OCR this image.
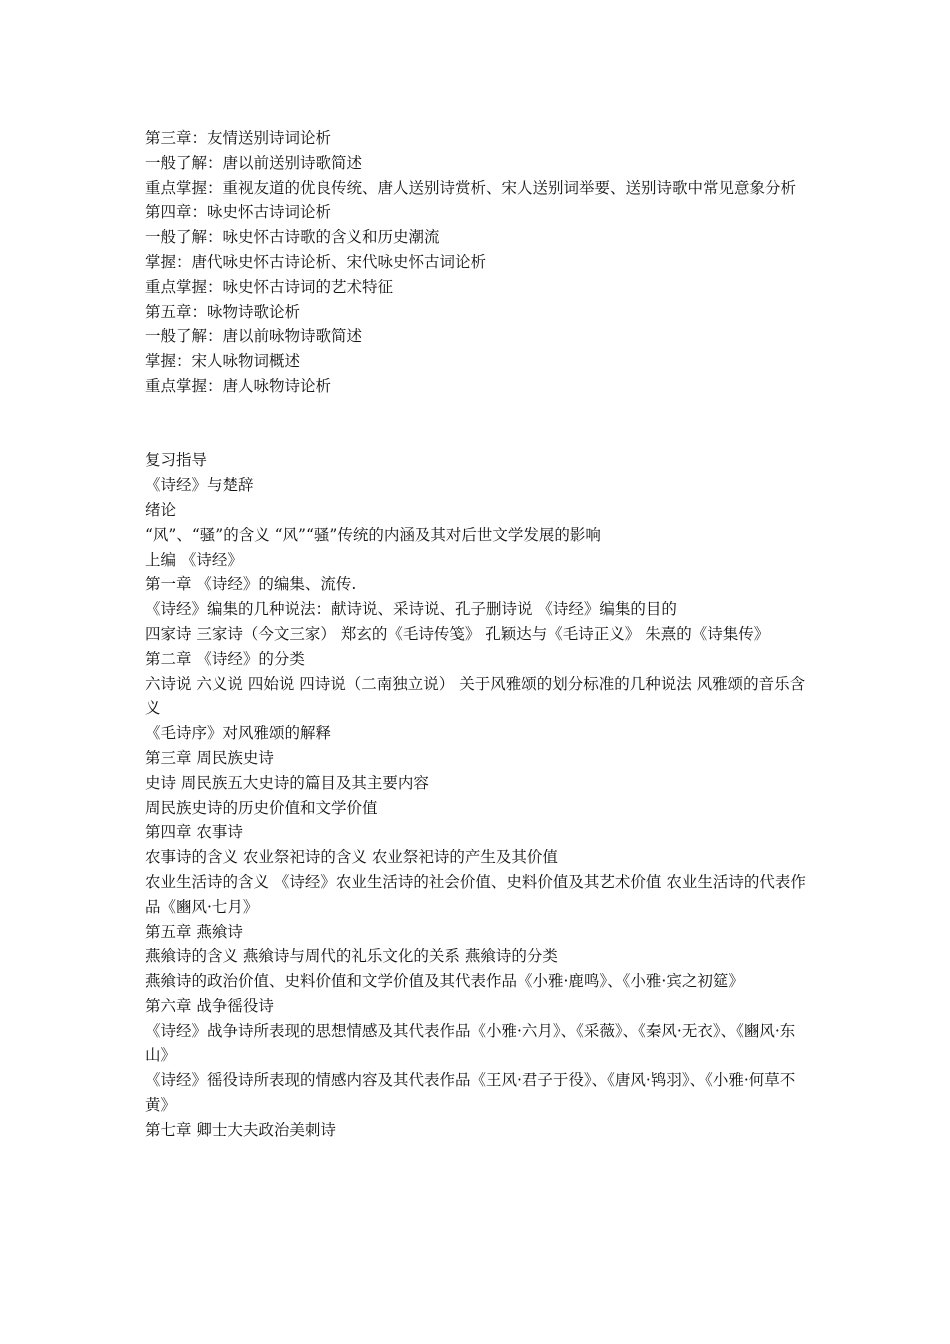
第三章：友情送别诗词论析

一般了解：唐以前送别诗歌简述

重点掌握：重视友道的优良传统、唐人送别诗赏析、宋人送别词举要、送别诗歌中常见意象分析

第四章：咏史怀古诗词论析

一般了解：咏史怀古诗歌的含义和历史潮流

掌握：唐代咏史怀古诗论析、宋代咏史怀古词论析

重点掌握：咏史怀古诗词的艺术特征

第五章：咏物诗歌论析

一般了解：唐以前咏物诗歌简述

掌握：宋人咏物词概述

重点掌握：唐人咏物诗论析

复习指导

《诗经》与楚辞

绪论

“风”、“骚”的含义 “风”“骚”传统的内涵及其对后世文学发展的影响

上编 《诗经》

第一章 《诗经》的编集、流传.

《诗经》编集的几种说法：献诗说、采诗说、孔子删诗说 《诗经》编集的目的

四家诗 三家诗（今文三家） 郑玄的《毛诗传笺》 孔颖达与《毛诗正义》 朱熹的《诗集传》

第二章 《诗经》的分类

六诗说 六义说 四始说 四诗说（二南独立说） 关于风雅颂的划分标准的几种说法 风雅颂的音乐含义

《毛诗序》对风雅颂的解释

第三章 周民族史诗

史诗 周民族五大史诗的篇目及其主要内容

周民族史诗的历史价值和文学价值

第四章 农事诗

农事诗的含义 农业祭祀诗的含义 农业祭祀诗的产生及其价值

农业生活诗的含义 《诗经》农业生活诗的社会价值、史料价值及其艺术价值 农业生活诗的代表作品《豳风·七月》

第五章 燕飨诗

燕飨诗的含义 燕飨诗与周代的礼乐文化的关系 燕飨诗的分类

燕飨诗的政治价值、史料价值和文学价值及其代表作品《小雅·鹿鸣》、《小雅·宾之初筵》

第六章 战争徭役诗

《诗经》战争诗所表现的思想情感及其代表作品《小雅·六月》、《采薇》、《秦风·无衣》、《豳风·东山》

《诗经》徭役诗所表现的情感内容及其代表作品《王风·君子于役》、《唐风·鸨羽》、《小雅·何草不黄》

第七章 卿士大夫政治美刺诗
